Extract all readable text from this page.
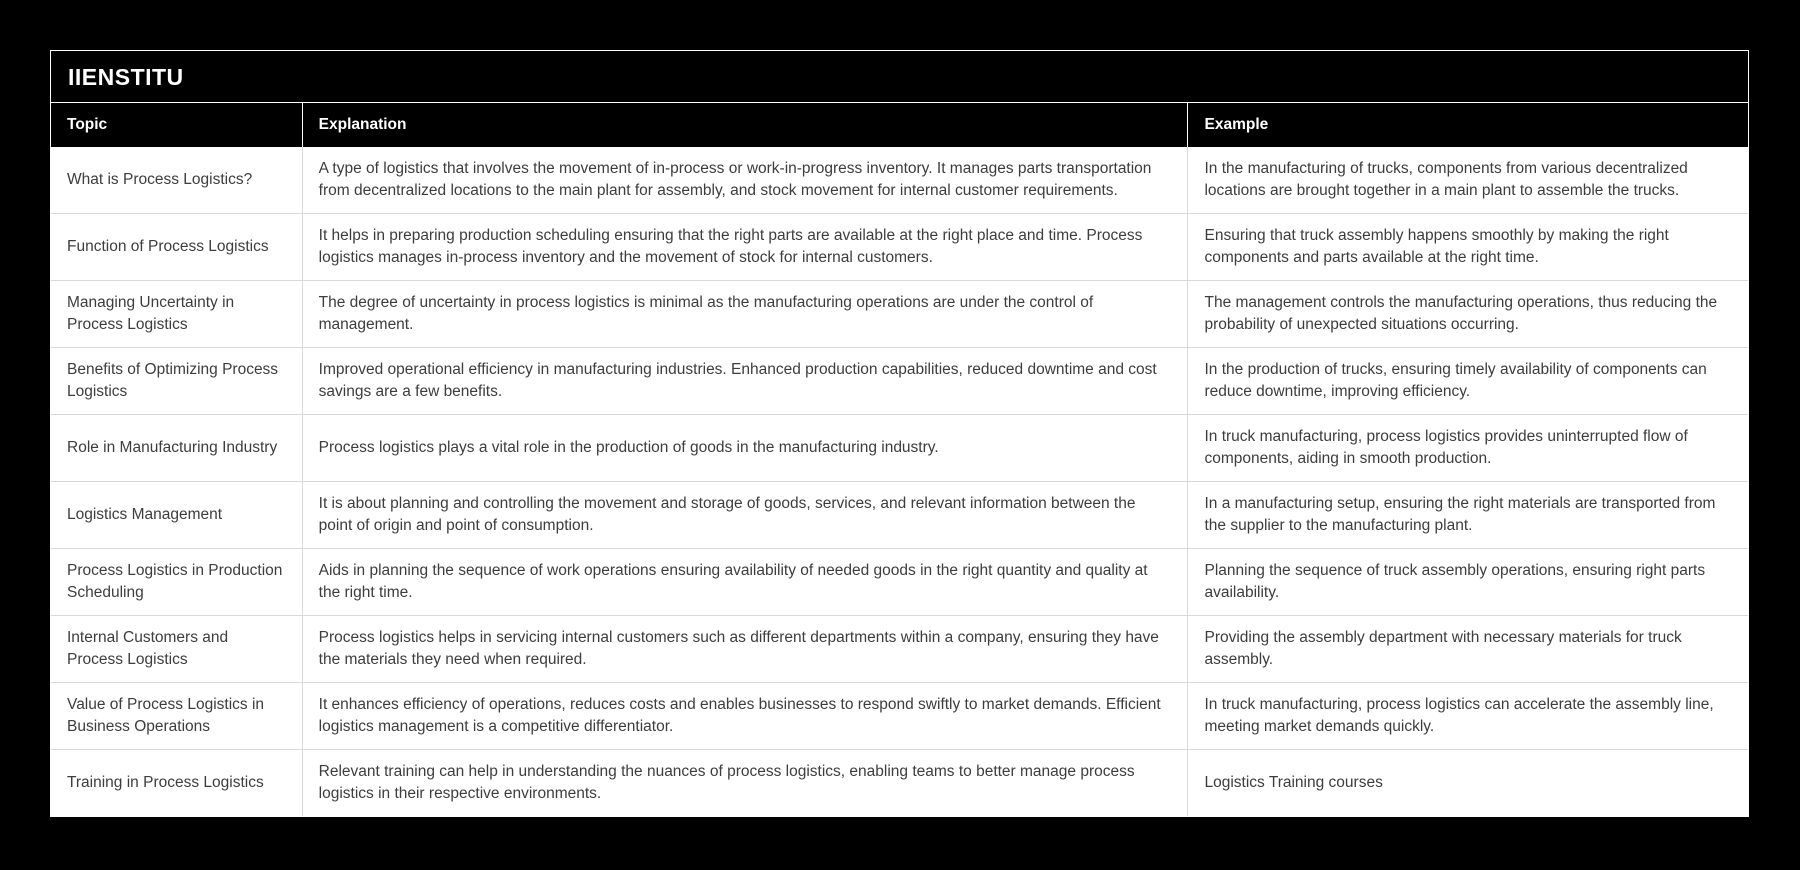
IIENSTITU
Topic	Explanation	Example
What is Process Logistics?	A type of logistics that involves the movement of in-process or work-in-progress inventory. It manages parts transportation from decentralized locations to the main plant for assembly, and stock movement for internal customer requirements.	In the manufacturing of trucks, components from various decentralized locations are brought together in a main plant to assemble the trucks.
Function of Process Logistics	It helps in preparing production scheduling ensuring that the right parts are available at the right place and time. Process logistics manages in-process inventory and the movement of stock for internal customers.	Ensuring that truck assembly happens smoothly by making the right components and parts available at the right time.
Managing Uncertainty in Process Logistics	The degree of uncertainty in process logistics is minimal as the manufacturing operations are under the control of management.	The management controls the manufacturing operations, thus reducing the probability of unexpected situations occurring.
Benefits of Optimizing Process Logistics	Improved operational efficiency in manufacturing industries. Enhanced production capabilities, reduced downtime and cost savings are a few benefits.	In the production of trucks, ensuring timely availability of components can reduce downtime, improving efficiency.
Role in Manufacturing Industry	Process logistics plays a vital role in the production of goods in the manufacturing industry.	In truck manufacturing, process logistics provides uninterrupted flow of components, aiding in smooth production.
Logistics Management	It is about planning and controlling the movement and storage of goods, services, and relevant information between the point of origin and point of consumption.	In a manufacturing setup, ensuring the right materials are transported from the supplier to the manufacturing plant.
Process Logistics in Production Scheduling	Aids in planning the sequence of work operations ensuring availability of needed goods in the right quantity and quality at the right time.	Planning the sequence of truck assembly operations, ensuring right parts availability.
Internal Customers and Process Logistics	Process logistics helps in servicing internal customers such as different departments within a company, ensuring they have the materials they need when required.	Providing the assembly department with necessary materials for truck assembly.
Value of Process Logistics in Business Operations	It enhances efficiency of operations, reduces costs and enables businesses to respond swiftly to market demands. Efficient logistics management is a competitive differentiator.	In truck manufacturing, process logistics can accelerate the assembly line, meeting market demands quickly.
Training in Process Logistics	Relevant training can help in understanding the nuances of process logistics, enabling teams to better manage process logistics in their respective environments.	Logistics Training courses
